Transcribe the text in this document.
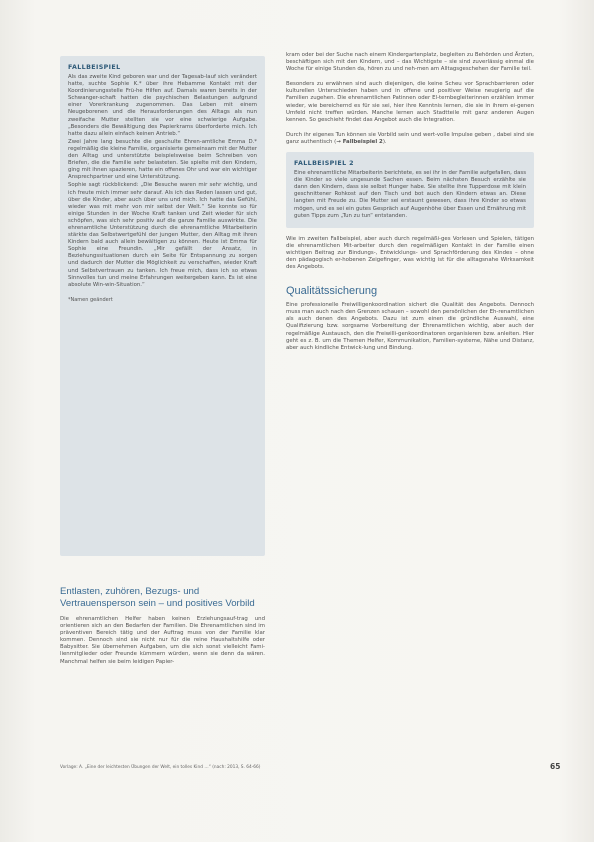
FALLBEISPIEL

Als das zweite Kind geboren war und der Tagesab-lauf sich verändert hatte, suchte Sophie K.* über ihre Hebamme Kontakt mit der Koordinierungsstelle Frü-he Hilfen auf. Damals waren bereits in der Schwanger-schaft hatten die psychischen Belastungen aufgrund einer Vorerkrankung zugenommen. Das Leben mit einem Neugeborenen und die Herausforderungen des Alltags als nun zweifache Mutter stellten sie vor eine schwierige Aufgabe. „Besonders die Bewältigung des Papierkrams überforderte mich. Ich hatte dazu allein einfach keinen Antrieb.“

Zwei Jahre lang besuchte die geschulte Ehren-amtliche Emma D.* regelmäßig die kleine Familie, organisierte gemeinsam mit der Mutter den Alltag und unterstützte beispielsweise beim Schreiben von Briefen, die die Familie sehr belasteten. Sie spielte mit den Kindern, ging mit ihnen spazieren, hatte ein offenes Ohr und war ein wichtiger Ansprechpartner und eine Unterstützung.

Sophie sagt rückblickend: „Die Besuche waren mir sehr wichtig, und ich freute mich immer sehr darauf. Als ich das Reden lassen und gut, über die Kinder, aber auch über uns und mich. Ich hatte das Gefühl, wieder was mit mehr von mir selbst der Welt.“ Sie konnte so für einige Stunden in der Woche Kraft tanken und Zeit wieder für sich schöpfen, was sich sehr positiv auf die ganze Familie auswirkte. Die ehrenamtliche Unterstützung durch die ehrenamtliche Mitarbeiterin stärkte das Selbstwertgefühl der jungen Mutter, den Alltag mit ihren Kindern bald auch allein bewältigen zu können. Heute ist Emma für Sophie eine Freundin. „Mir gefällt der Ansatz, in Beziehungssituationen durch ein Seite für Entspannung zu sorgen und dadurch der Mutter die Möglichkeit zu verschaffen, wieder Kraft und Selbstvertrauen zu tanken. Ich freue mich, dass ich so etwas Sinnvolles tun und meine Erfahrungen weitergeben kann. Es ist eine absolute Win-win-Situation.“

*Namen geändert
Entlasten, zuhören, Bezugs- und Vertrauensperson sein – und positives Vorbild
Die ehrenamtlichen Helfer haben keinen Erziehungsauf-trag und orientieren sich an den Bedarfen der Familien. Die Ehrenamtlichen sind im präventiven Bereich tätig und der Auftrag muss von der Familie klar kommen. Dennoch sind sie nicht nur für die reine Haushaltshilfe oder Babysitter. Sie übernehmen Aufgaben, um die sich sonst vielleicht Fami-lienmitglieder oder Freunde kümmern würden, wenn sie denn da wären. Manchmal helfen sie beim leidigen Papier-
kram oder bei der Suche nach einem Kindergartenplatz, begleiten zu Behörden und Ärzten, beschäftigen sich mit den Kindern, und – das Wichtigste – sie sind zuverlässig einmal die Woche für einige Stunden da, hören zu und neh-men am Alltagsgeschehen der Familie teil.
Besonders zu erwähnen sind auch diejenigen, die keine Scheu vor Sprachbarrieren oder kulturellen Unterschieden haben und in offene und positiver Weise neugierig auf die Familien zugehen. Die ehrenamtlichen Patinnen oder El-ternbegleiterinnen erzählen immer wieder, wie bereichernd es für sie sei, hier ihre Kenntnis lernen, die sie in ihrem ei-genen Umfeld nicht treffen würden. Manche lernen auch Stadtteile mit ganz anderen Augen kennen. So geschieht findet das Angebot auch die Integration.
Durch ihr eigenes Tun können sie Vorbild sein und wert-volle Impulse geben , dabei sind sie ganz authentisch (→ Fallbeispiel 2).
FALLBEISPIEL 2
Eine ehrenamtliche Mitarbeiterin berichtete, es sei ihr in der Familie aufgefallen, dass die Kinder so viele ungesunde Sachen essen. Beim nächsten Besuch erzählte sie dann den Kindern, dass sie selbst Hunger habe. Sie stellte ihre Tupperdose mit klein geschnittener Rohkost auf den Tisch und bot auch den Kindern etwas an. Diese langten mit Freude zu. Die Mutter sei erstaunt gewesen, dass ihre Kinder so etwas mögen, und es sei ein gutes Gespräch auf Augenhöhe über Essen und Ernährung mit guten Tipps zum „Tun zu tun“ entstanden.
Wie im zweiten Fallbeispiel, aber auch durch regelmäßi-ges Vorlesen und Spielen, tätigen die ehrenamtlichen Mit-arbeiter durch den regelmäßigen Kontakt in der Familie einen wichtigen Beitrag zur Bindungs-, Entwicklungs- und Sprachförderung des Kindes – ohne den pädagogisch er-hobenen Zeigefinger, was wichtig ist für die alltagsnahe Wirksamkeit des Angebots.
Qualitätssicherung
Eine professionelle Freiwilligenkoordination sichert die Qualität des Angebots. Dennoch muss man auch nach den Grenzen schauen – sowohl den persönlichen der Eh-renamtlichen als auch denen des Angebots. Dazu ist zum einen die gründliche Auswahl, eine Qualifizierung bzw. sorgsame Vorbereitung der Ehrenamtlichen wichtig, aber auch der regelmäßige Austausch, den die Freiwilli-genkoordinatoren organisieren bzw. anleiten. Hier geht es z. B. um die Themen Helfer, Kommunikation, Familien-systeme, Nähe und Distanz, aber auch kindliche Entwick-lung und Bindung.
Vorlage: A. „Eine der leichtesten Übungen der Welt, ein tolles Kind …“ (nach: 2013, S. 64-66)	65
